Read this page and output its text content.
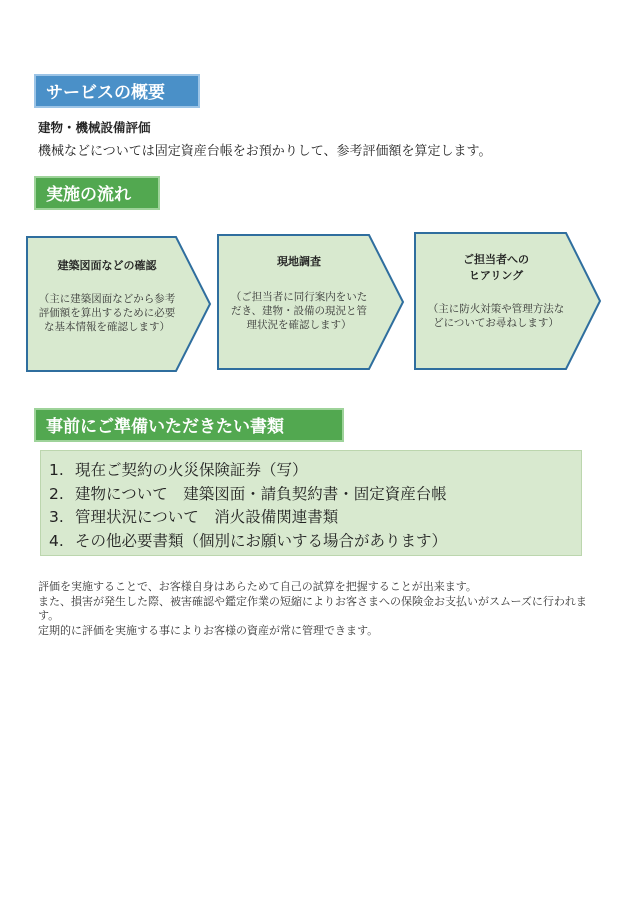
サービスの概要
建物・機械設備評価
機械などについては固定資産台帳をお預かりして、参考評価額を算定します。
実施の流れ
建築図面などの確認
（主に建築図面などから参考評価額を算出するために必要な基本情報を確認します）
現地調査
（ご担当者に同行案内をいただき、建物・設備の現況と管理状況を確認します）
ご担当者への
ヒアリング
（主に防火対策や管理方法などについてお尋ねします）
事前にご準備いただきたい書類
1. 現在ご契約の火災保険証券（写）
2. 建物について　建築図面・請負契約書・固定資産台帳
3. 管理状況について　消火設備関連書類
4. その他必要書類（個別にお願いする場合があります）

評価を実施することで、お客様自身はあらためて自己の試算を把握することが出来ます。

また、損害が発生した際、被害確認や鑑定作業の短縮によりお客さまへの保険金お支払いがスムーズに行われます。

定期的に評価を実施する事によりお客様の資産が常に管理できます。
